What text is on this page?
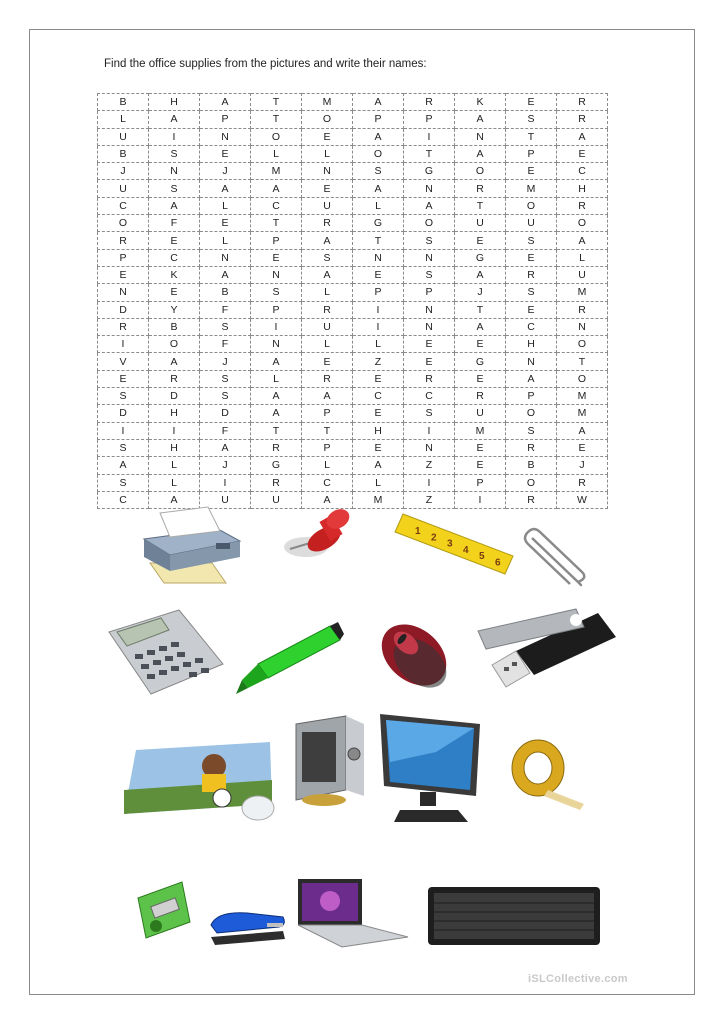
Find the office supplies from the pictures and write their names:
B	H	A	T	M	A	R	K	E	R
L	A	P	T	O	P	P	A	S	R
U	I	N	O	E	A	I	N	T	A
B	S	E	L	L	O	T	A	P	E
J	N	J	M	N	S	G	O	E	C
U	S	A	A	E	A	N	R	M	H
C	A	L	C	U	L	A	T	O	R
O	F	E	T	R	G	O	U	U	O
R	E	L	P	A	T	S	E	S	A
P	C	N	E	S	N	N	G	E	L
E	K	A	N	A	E	S	A	R	U
N	E	B	S	L	P	P	J	S	M
D	Y	F	P	R	I	N	T	E	R
R	B	S	I	U	I	N	A	C	N
I	O	F	N	L	L	E	E	H	O
V	A	J	A	E	Z	E	G	N	T
E	R	S	L	R	E	R	E	A	O
S	D	S	A	A	C	C	R	P	M
D	H	D	A	P	E	S	U	O	M
I	I	F	T	T	H	I	M	S	A
S	H	A	R	P	E	N	E	R	E
A	L	J	G	L	A	Z	E	B	J
S	L	I	R	C	L	I	P	O	R
C	A	U	U	A	M	Z	I	R	W
123456
iSLCollective.com
